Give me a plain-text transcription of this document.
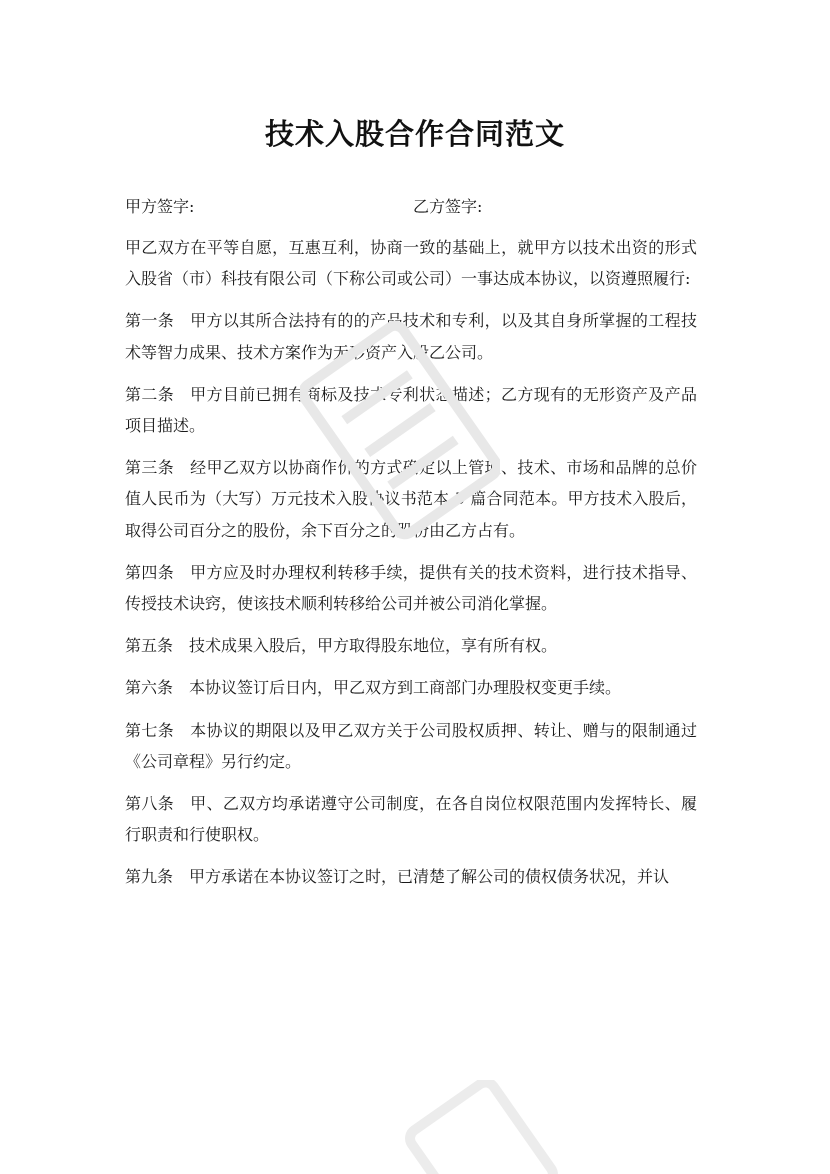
技术入股合作合同范文
甲方签字:	乙方签字:

甲乙双方在平等自愿，互惠互利，协商一致的基础上，就甲方以技术出资的形式入股省（市）科技有限公司（下称公司或公司）一事达成本协议，以资遵照履行:

第一条 甲方以其所合法持有的的产品技术和专利，以及其自身所掌握的工程技术等智力成果、技术方案作为无形资产入股乙公司。

第二条 甲方目前已拥有商标及技术专利状态描述；乙方现有的无形资产及产品项目描述。

第三条 经甲乙双方以协商作价的方式确定以上管理、技术、市场和品牌的总价值人民币为（大写）万元技术入股协议书范本 5 篇合同范本。甲方技术入股后，取得公司百分之的股份，余下百分之的股份由乙方占有。

第四条 甲方应及时办理权利转移手续，提供有关的技术资料，进行技术指导、传授技术诀窍，使该技术顺利转移给公司并被公司消化掌握。

第五条 技术成果入股后，甲方取得股东地位，享有所有权。

第六条 本协议签订后日内，甲乙双方到工商部门办理股权变更手续。

第七条 本协议的期限以及甲乙双方关于公司股权质押、转让、赠与的限制通过《公司章程》另行约定。

第八条 甲、乙双方均承诺遵守公司制度，在各自岗位权限范围内发挥特长、履行职责和行使职权。

第九条 甲方承诺在本协议签订之时，已清楚了解公司的债权债务状况，并认
